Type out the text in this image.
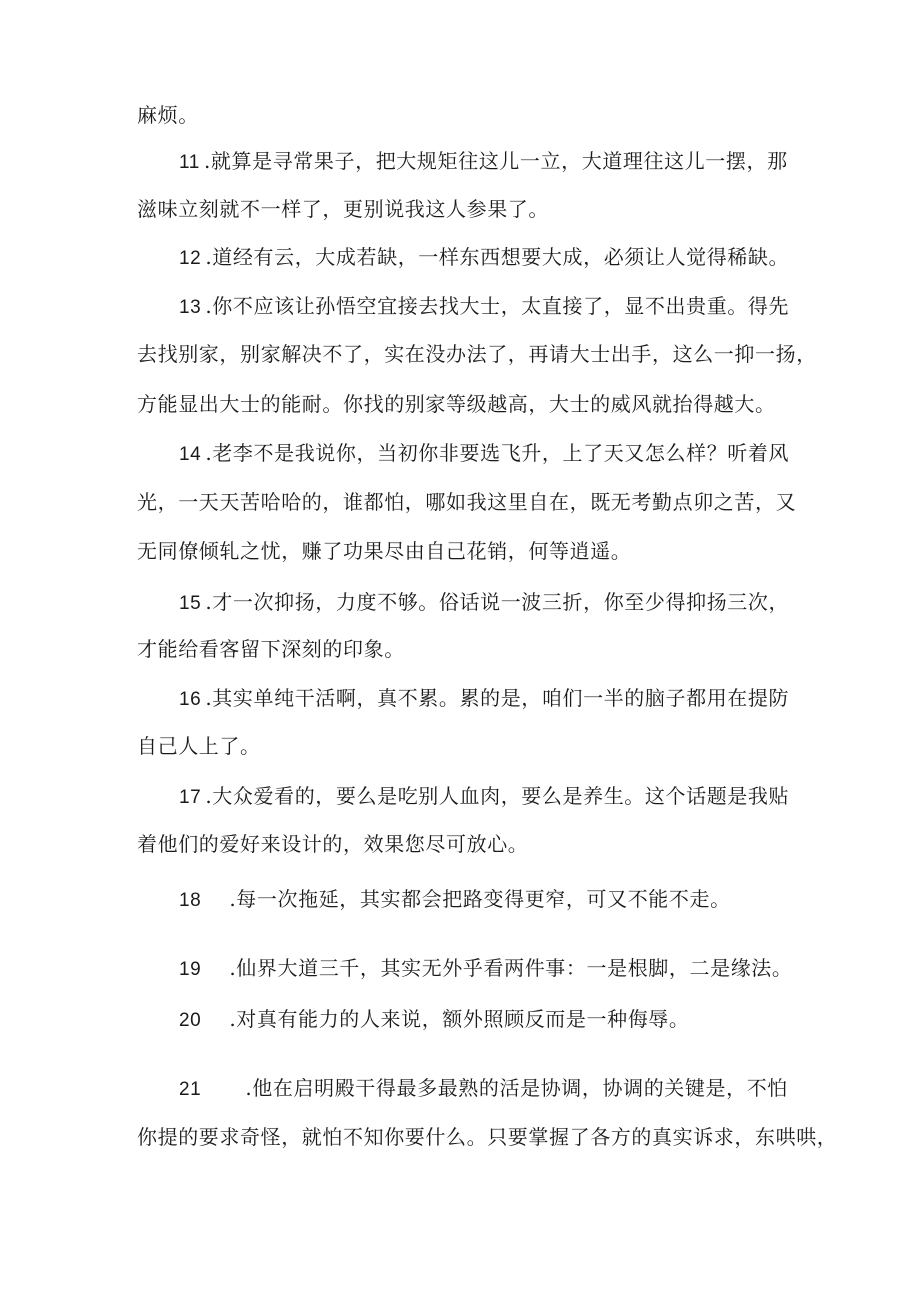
麻烦。
11 .就算是寻常果子，把大规矩往这儿一立，大道理往这儿一摆，那
滋味立刻就不一样了，更别说我这人参果了。
12 .道经有云，大成若缺，一样东西想要大成，必须让人觉得稀缺。
13 .你不应该让孙悟空宜接去找大士，太直接了，显不出贵重。得先
去找别家，别家解决不了，实在没办法了，再请大士出手，这么一抑一扬，
方能显出大士的能耐。你找的别家等级越高，大士的威风就抬得越大。
14 .老李不是我说你，当初你非要选飞升，上了天又怎么样？听着风
光，一天天苦哈哈的，谁都怕，哪如我这里自在，既无考勤点卯之苦，又
无同僚倾轧之忧，赚了功果尽由自己花销，何等逍遥。
15 .才一次抑扬，力度不够。俗话说一波三折，你至少得抑扬三次，
才能给看客留下深刻的印象。
16 .其实单纯干活啊，真不累。累的是，咱们一半的脑子都用在提防
自己人上了。
17 .大众爱看的，要么是吃别人血肉，要么是养生。这个话题是我贴
着他们的爱好来设计的，效果您尽可放心。
18 .每一次拖延，其实都会把路变得更窄，可又不能不走。
19 .仙界大道三千，其实无外乎看两件事：一是根脚，二是缘法。
20 .对真有能力的人来说，额外照顾反而是一种侮辱。
21 .他在启明殿干得最多最熟的活是协调，协调的关键是，不怕
你提的要求奇怪，就怕不知你要什么。只要掌握了各方的真实诉求，东哄哄，
